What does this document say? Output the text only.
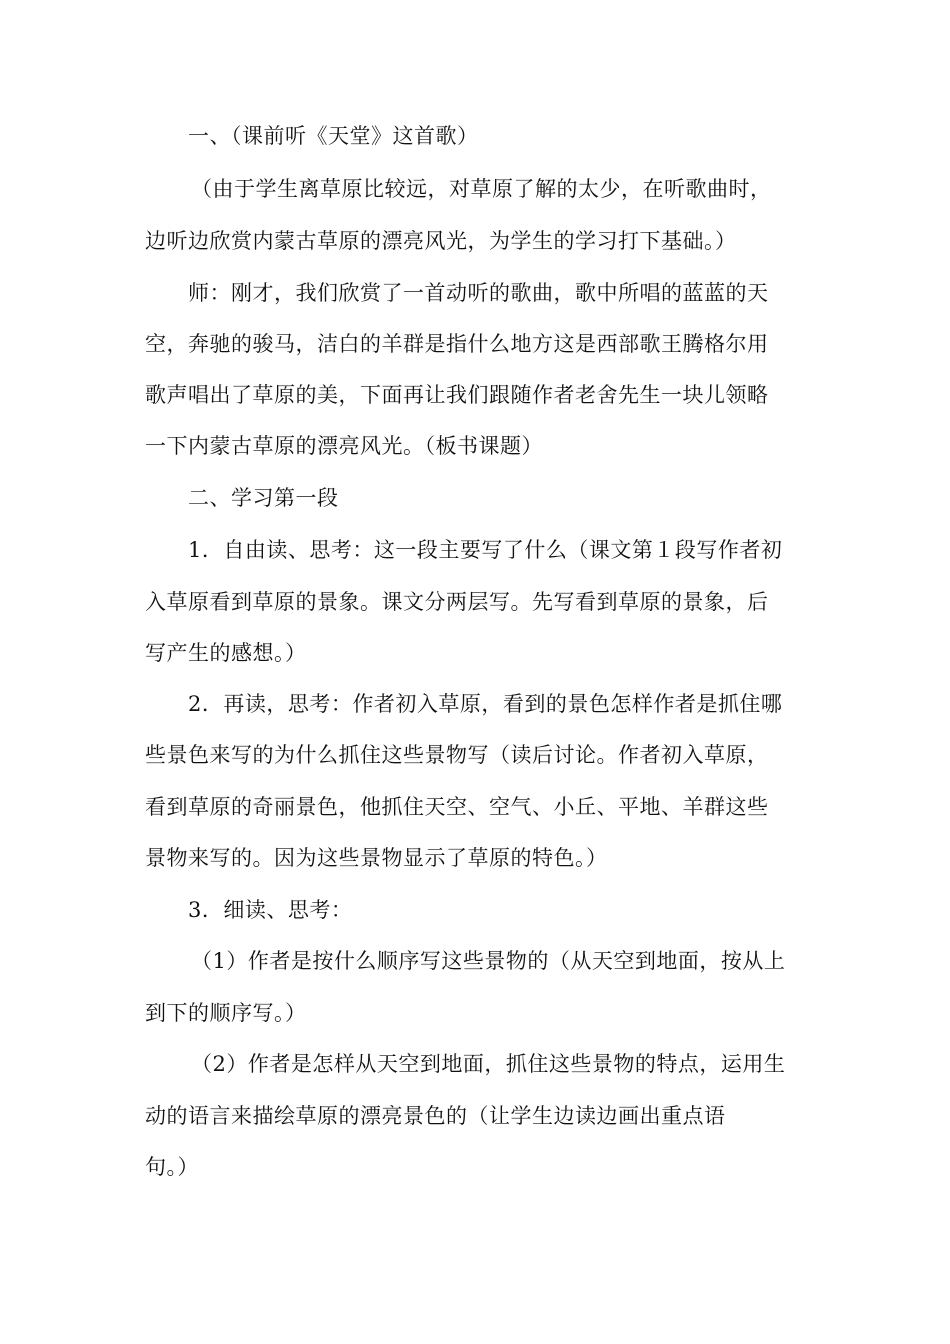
一、（课前听《天堂》这首歌）
（由于学生离草原比较远，对草原了解的太少，在听歌曲时，
边听边欣赏内蒙古草原的漂亮风光，为学生的学习打下基础。）
师：刚才，我们欣赏了一首动听的歌曲，歌中所唱的蓝蓝的天
空，奔驰的骏马，洁白的羊群是指什么地方这是西部歌王腾格尔用
歌声唱出了草原的美，下面再让我们跟随作者老舍先生一块儿领略
一下内蒙古草原的漂亮风光。（板书课题）
二、学习第一段
1．自由读、思考：这一段主要写了什么（课文第１段写作者初
入草原看到草原的景象。课文分两层写。先写看到草原的景象，后
写产生的感想。）
2．再读，思考：作者初入草原，看到的景色怎样作者是抓住哪
些景色来写的为什么抓住这些景物写（读后讨论。作者初入草原，
看到草原的奇丽景色，他抓住天空、空气、小丘、平地、羊群这些
景物来写的。因为这些景物显示了草原的特色。）
3．细读、思考：
（1）作者是按什么顺序写这些景物的（从天空到地面，按从上
到下的顺序写。）
（2）作者是怎样从天空到地面，抓住这些景物的特点，运用生
动的语言来描绘草原的漂亮景色的（让学生边读边画出重点语
句。）
